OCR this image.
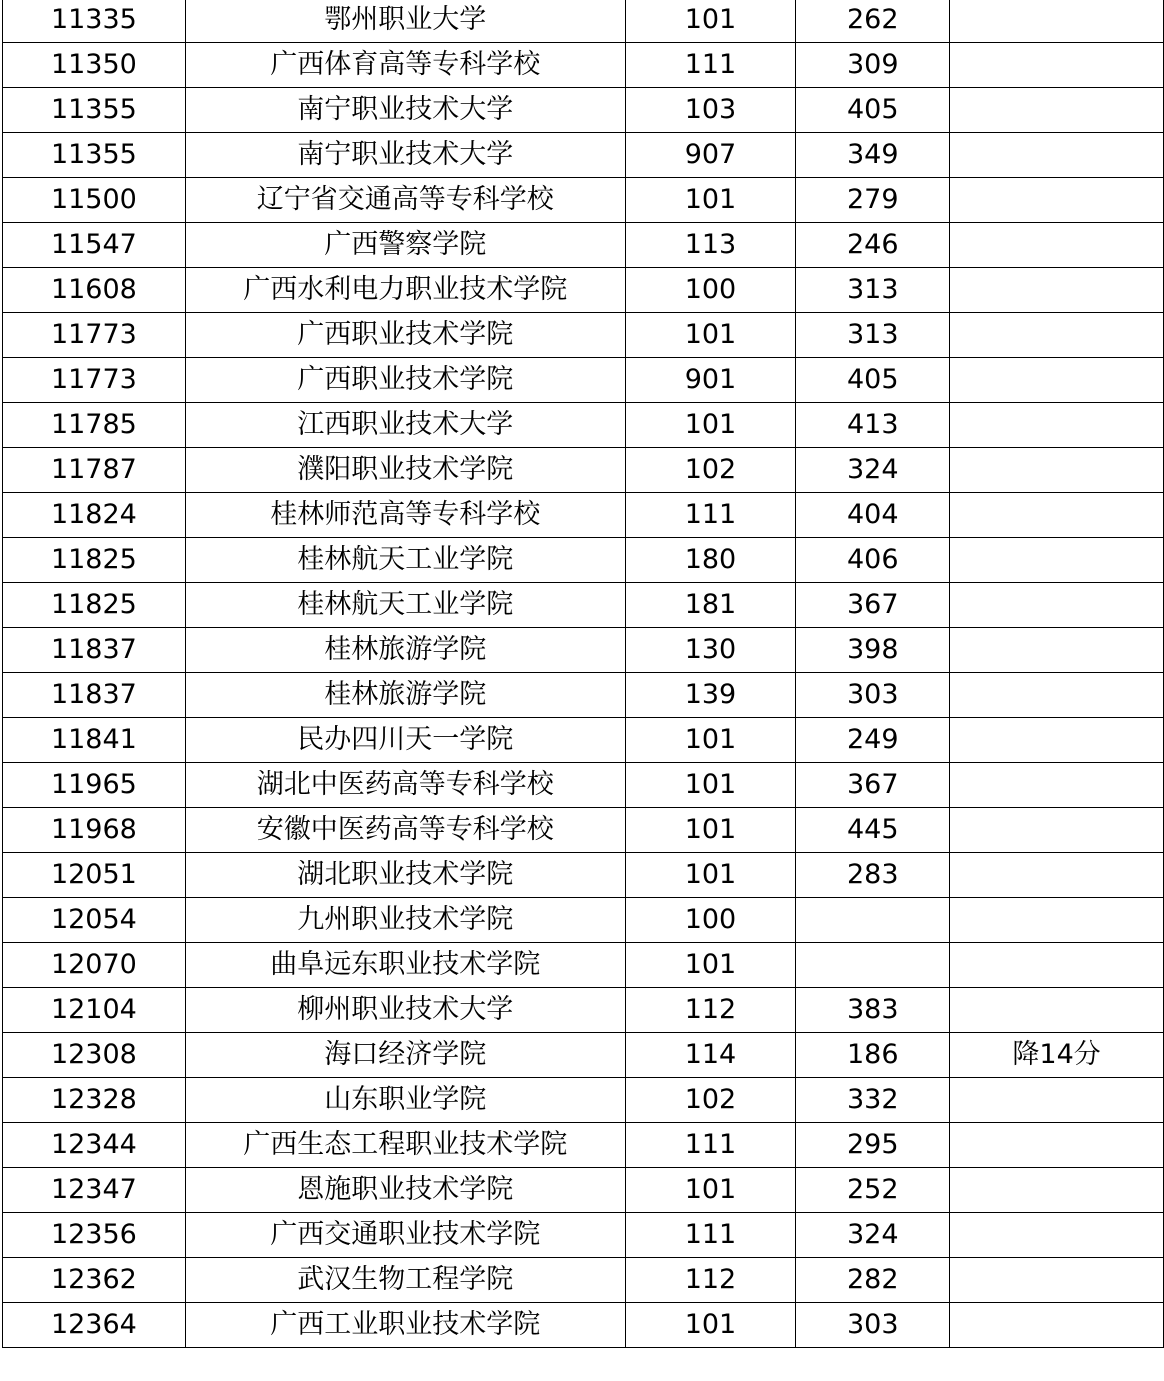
11335	鄂州职业大学	101	262	
11350	广西体育高等专科学校	111	309	
11355	南宁职业技术大学	103	405	
11355	南宁职业技术大学	907	349	
11500	辽宁省交通高等专科学校	101	279	
11547	广西警察学院	113	246	
11608	广西水利电力职业技术学院	100	313	
11773	广西职业技术学院	101	313	
11773	广西职业技术学院	901	405	
11785	江西职业技术大学	101	413	
11787	濮阳职业技术学院	102	324	
11824	桂林师范高等专科学校	111	404	
11825	桂林航天工业学院	180	406	
11825	桂林航天工业学院	181	367	
11837	桂林旅游学院	130	398	
11837	桂林旅游学院	139	303	
11841	民办四川天一学院	101	249	
11965	湖北中医药高等专科学校	101	367	
11968	安徽中医药高等专科学校	101	445	
12051	湖北职业技术学院	101	283	
12054	九州职业技术学院	100		
12070	曲阜远东职业技术学院	101		
12104	柳州职业技术大学	112	383	
12308	海口经济学院	114	186	降14分
12328	山东职业学院	102	332	
12344	广西生态工程职业技术学院	111	295	
12347	恩施职业技术学院	101	252	
12356	广西交通职业技术学院	111	324	
12362	武汉生物工程学院	112	282	
12364	广西工业职业技术学院	101	303	
